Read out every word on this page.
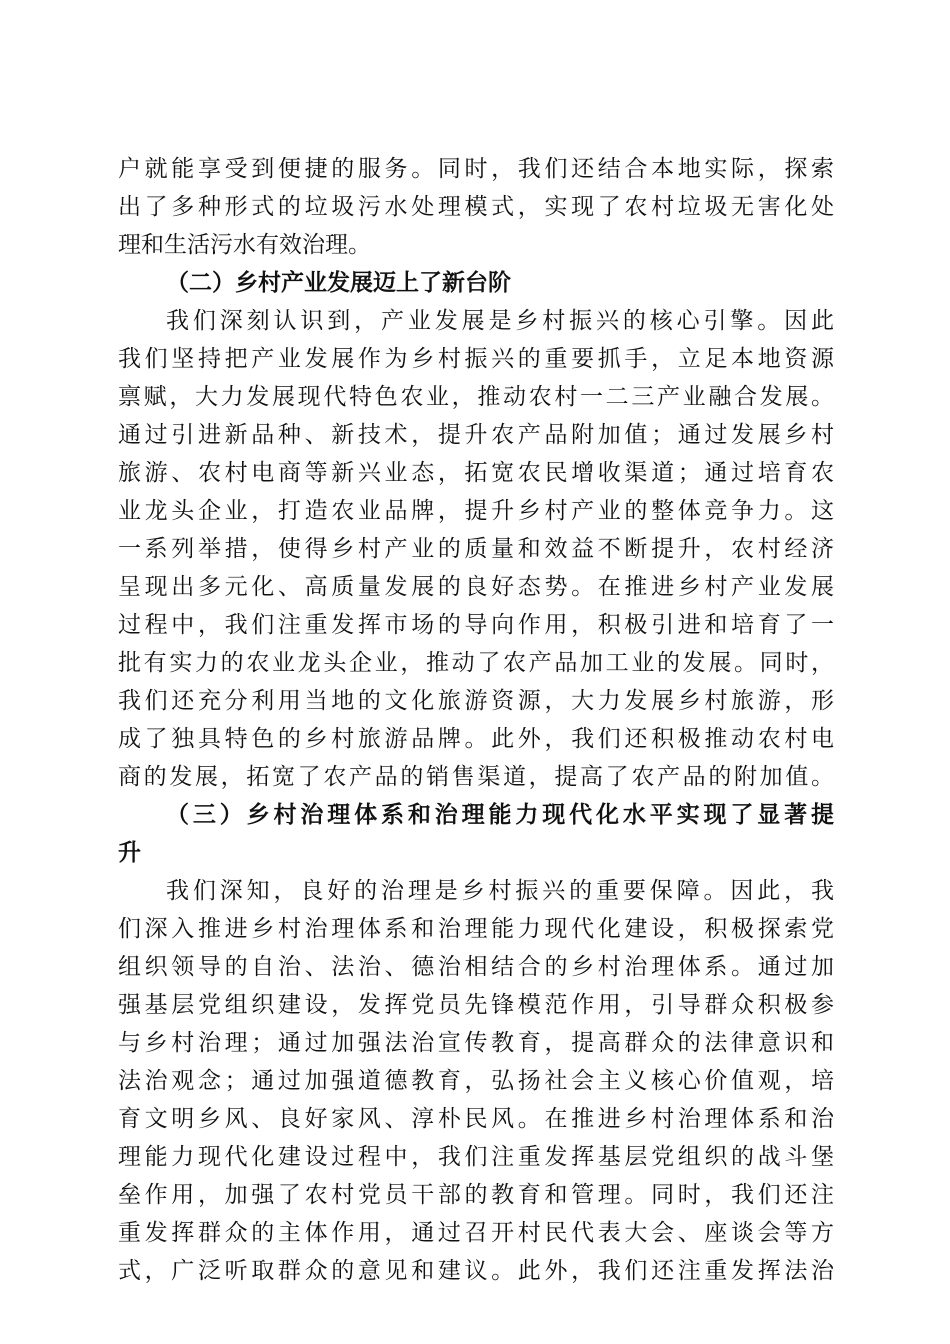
户就能享受到便捷的服务。同时，我们还结合本地实际，探索
出了多种形式的垃圾污水处理模式，实现了农村垃圾无害化处
理和生活污水有效治理。
（二）乡村产业发展迈上了新台阶
我们深刻认识到，产业发展是乡村振兴的核心引擎。因此
我们坚持把产业发展作为乡村振兴的重要抓手，立足本地资源
禀赋，大力发展现代特色农业，推动农村一二三产业融合发展。
通过引进新品种、新技术，提升农产品附加值；通过发展乡村
旅游、农村电商等新兴业态，拓宽农民增收渠道；通过培育农
业龙头企业，打造农业品牌，提升乡村产业的整体竞争力。这
一系列举措，使得乡村产业的质量和效益不断提升，农村经济
呈现出多元化、高质量发展的良好态势。在推进乡村产业发展
过程中，我们注重发挥市场的导向作用，积极引进和培育了一
批有实力的农业龙头企业，推动了农产品加工业的发展。同时，
我们还充分利用当地的文化旅游资源，大力发展乡村旅游，形
成了独具特色的乡村旅游品牌。此外，我们还积极推动农村电
商的发展，拓宽了农产品的销售渠道，提高了农产品的附加值。
（三）乡村治理体系和治理能力现代化水平实现了显著提
升
我们深知，良好的治理是乡村振兴的重要保障。因此，我
们深入推进乡村治理体系和治理能力现代化建设，积极探索党
组织领导的自治、法治、德治相结合的乡村治理体系。通过加
强基层党组织建设，发挥党员先锋模范作用，引导群众积极参
与乡村治理；通过加强法治宣传教育，提高群众的法律意识和
法治观念；通过加强道德教育，弘扬社会主义核心价值观，培
育文明乡风、良好家风、淳朴民风。在推进乡村治理体系和治
理能力现代化建设过程中，我们注重发挥基层党组织的战斗堡
垒作用，加强了农村党员干部的教育和管理。同时，我们还注
重发挥群众的主体作用，通过召开村民代表大会、座谈会等方
式，广泛听取群众的意见和建议。此外，我们还注重发挥法治
